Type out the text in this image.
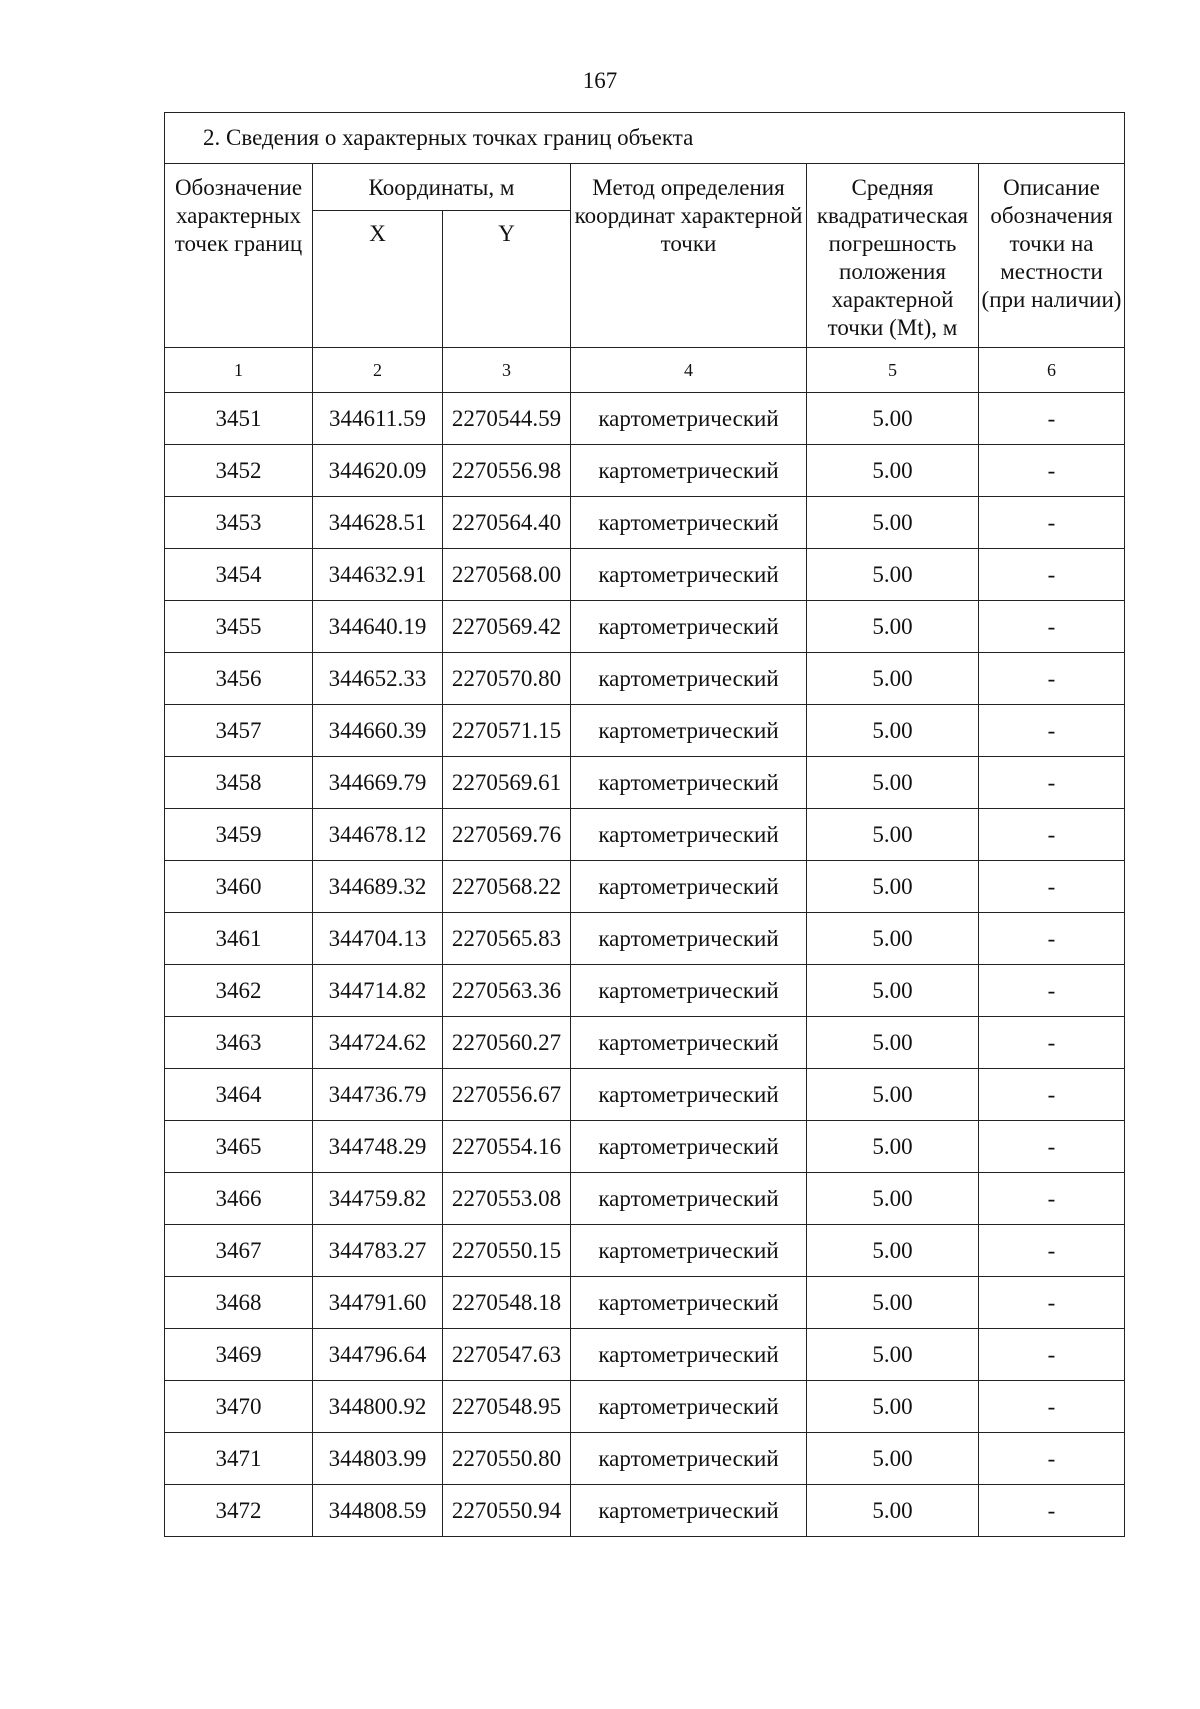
167
2. Сведения о характерных точках границ объекта					
Обозначение характерных точек границ	Координаты, м		Метод определения координат характерной точки	Средняя квадратическая погрешность положения характерной точки (Mt), м	Описание обозначения точки на местности (при наличии)
	X	Y			
1	2	3	4	5	6
3451	344611.59	2270544.59	картометрический	5.00	-
3452	344620.09	2270556.98	картометрический	5.00	-
3453	344628.51	2270564.40	картометрический	5.00	-
3454	344632.91	2270568.00	картометрический	5.00	-
3455	344640.19	2270569.42	картометрический	5.00	-
3456	344652.33	2270570.80	картометрический	5.00	-
3457	344660.39	2270571.15	картометрический	5.00	-
3458	344669.79	2270569.61	картометрический	5.00	-
3459	344678.12	2270569.76	картометрический	5.00	-
3460	344689.32	2270568.22	картометрический	5.00	-
3461	344704.13	2270565.83	картометрический	5.00	-
3462	344714.82	2270563.36	картометрический	5.00	-
3463	344724.62	2270560.27	картометрический	5.00	-
3464	344736.79	2270556.67	картометрический	5.00	-
3465	344748.29	2270554.16	картометрический	5.00	-
3466	344759.82	2270553.08	картометрический	5.00	-
3467	344783.27	2270550.15	картометрический	5.00	-
3468	344791.60	2270548.18	картометрический	5.00	-
3469	344796.64	2270547.63	картометрический	5.00	-
3470	344800.92	2270548.95	картометрический	5.00	-
3471	344803.99	2270550.80	картометрический	5.00	-
3472	344808.59	2270550.94	картометрический	5.00	-
